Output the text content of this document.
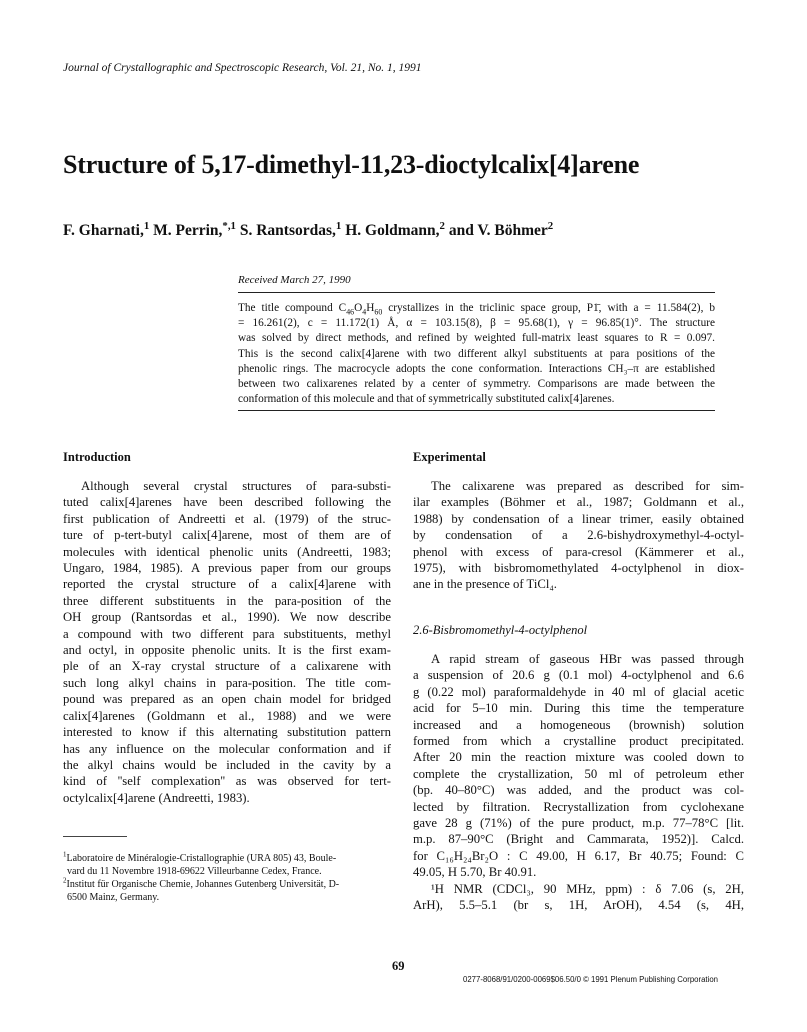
Journal of Crystallographic and Spectroscopic Research, Vol. 21, No. 1, 1991
Structure of 5,17-dimethyl-11,23-dioctylcalix[4]arene
F. Gharnati,$^1$ M. Perrin,$^{*,1}$ S. Rantsordas,$^1$ H. Goldmann,$^2$ and V. Böhmer$^2$
Received March 27, 1990
The title compound $C_{46}O_4H_{60}$ crystallizes in the triclinic space group, P1̄, with a = 11.584(2), b
= 16.261(2), c = 11.172(1) Å, α = 103.15(8), β = 95.68(1), γ = 96.85(1)°. The structure
was solved by direct methods, and refined by weighted full-matrix least squares to R = 0.097.
This is the second calix[4]arene with two different alkyl substituents at para positions of the
phenolic rings. The macrocycle adopts the cone conformation. Interactions CH₃–π are established
between two calixarenes related by a center of symmetry. Comparisons are made between the
conformation of this molecule and that of symmetrically substituted calix[4]arenes.
Introduction
Although several crystal structures of para-substi-
tuted calix[4]arenes have been described following the
first publication of Andreetti et al. (1979) of the struc-
ture of p-tert-butyl calix[4]arene, most of them are of
molecules with identical phenolic units (Andreetti, 1983;
Ungaro, 1984, 1985). A previous paper from our groups
reported the crystal structure of a calix[4]arene with
three different substituents in the para-position of the
OH group (Rantsordas et al., 1990). We now describe
a compound with two different para substituents, methyl
and octyl, in opposite phenolic units. It is the first exam-
ple of an X-ray crystal structure of a calixarene with
such long alkyl chains in para-position. The title com-
pound was prepared as an open chain model for bridged
calix[4]arenes (Goldmann et al., 1988) and we were
interested to know if this alternating substitution pattern
has any influence on the molecular conformation and if
the alkyl chains would be included in the cavity by a
kind of ''self complexation'' as was observed for tert-
octylcalix[4]arene (Andreetti, 1983).
$^1$Laboratoire de Minéralogie-Cristallographie (URA 805) 43, Boule-
vard du 11 Novembre 1918-69622 Villeurbanne Cedex, France.
$^2$Institut für Organische Chemie, Johannes Gutenberg Universität, D-
6500 Mainz, Germany.
Experimental
The calixarene was prepared as described for sim-
ilar examples (Böhmer et al., 1987; Goldmann et al.,
1988) by condensation of a linear trimer, easily obtained
by condensation of a 2.6-bishydroxymethyl-4-octyl-
phenol with excess of para-cresol (Kämmerer et al.,
1975), with bisbromomethylated 4-octylphenol in diox-
ane in the presence of TiCl₄.
2.6-Bisbromomethyl-4-octylphenol
A rapid stream of gaseous HBr was passed through
a suspension of 20.6 g (0.1 mol) 4-octylphenol and 6.6
g (0.22 mol) paraformaldehyde in 40 ml of glacial acetic
acid for 5–10 min. During this time the temperature
increased and a homogeneous (brownish) solution
formed from which a crystalline product precipitated.
After 20 min the reaction mixture was cooled down to
complete the crystallization, 50 ml of petroleum ether
(bp. 40–80°C) was added, and the product was col-
lected by filtration. Recrystallization from cyclohexane
gave 28 g (71%) of the pure product, m.p. 77–78°C [lit.
m.p. 87–90°C (Bright and Cammarata, 1952)]. Calcd.
for C₁₆H₂₄Br₂O : C 49.00, H 6.17, Br 40.75; Found: C
49.05, H 5.70, Br 40.91.
¹H NMR (CDCl₃, 90 MHz, ppm) : δ 7.06 (s, 2H,
ArH), 5.5–5.1 (br s, 1H, ArOH), 4.54 (s, 4H,
69
0277-8068/91/0200-0069$06.50/0 © 1991 Plenum Publishing Corporation
